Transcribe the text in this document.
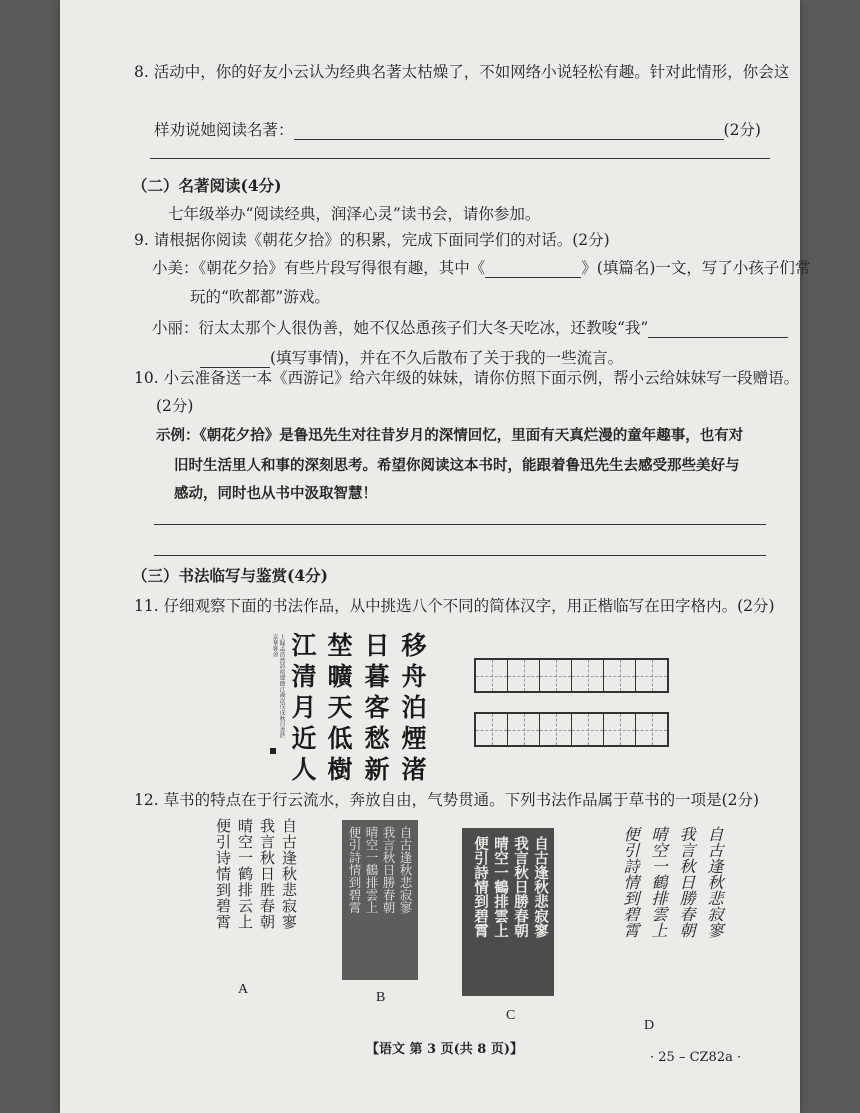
8. 活动中，你的好友小云认为经典名著太枯燥了，不如网络小说轻松有趣。针对此情形，你会这
样劝说她阅读名著：	(2分)
（二）名著阅读(4分)
七年级举办“阅读经典，润泽心灵”读书会，请你参加。
9. 请根据你阅读《朝花夕拾》的积累，完成下面同学们的对话。(2分)
小美：《朝花夕拾》有些片段写得很有趣，其中《	》(填篇名)一文，写了小孩子们常
玩的“吹都都”游戏。
小丽：衍太太那个人很伪善，她不仅怂恿孩子们大冬天吃冰，还教唆“我”
(填写事情)，并在不久后散布了关于我的一些流言。
10. 小云准备送一本《西游记》给六年级的妹妹，请你仿照下面示例，帮小云给妹妹写一段赠语。
(2分)
示例：《朝花夕拾》是鲁迅先生对往昔岁月的深情回忆，里面有天真烂漫的童年趣事，也有对
旧时生活里人和事的深刻思考。希望你阅读这本书时，能跟着鲁迅先生去感受那些美好与
感动，同时也从书中汲取智慧！
（三）书法临写与鉴赏(4分)
11. 仔细观察下面的书法作品，从中挑选八个不同的简体汉字，用正楷临写在田字格内。(2分)
移舟泊煙渚
日暮客愁新
埜曠天低樹
江清月近人
上録孟浩然詩宿建德江歲次戊戌秋日書於京華客舍
12. 草书的特点在于行云流水，奔放自由，气势贯通。下列书法作品属于草书的一项是(2分)
自古逢秋悲寂寥
我言秋日胜春朝
晴空一鹤排云上
便引诗情到碧霄
A
自古逢秋悲寂寥
我言秋日勝春朝
晴空一鶴排雲上
便引詩情到碧霄
B
自古逢秋悲寂寥
我言秋日勝春朝
晴空一鶴排雲上
便引詩情到碧霄
C
自古逢秋悲寂寥
我言秋日勝春朝
晴空一鶴排雲上
便引詩情到碧霄
D
【语文 第 3 页(共 8 页)】
· 25 – CZ82a ·
